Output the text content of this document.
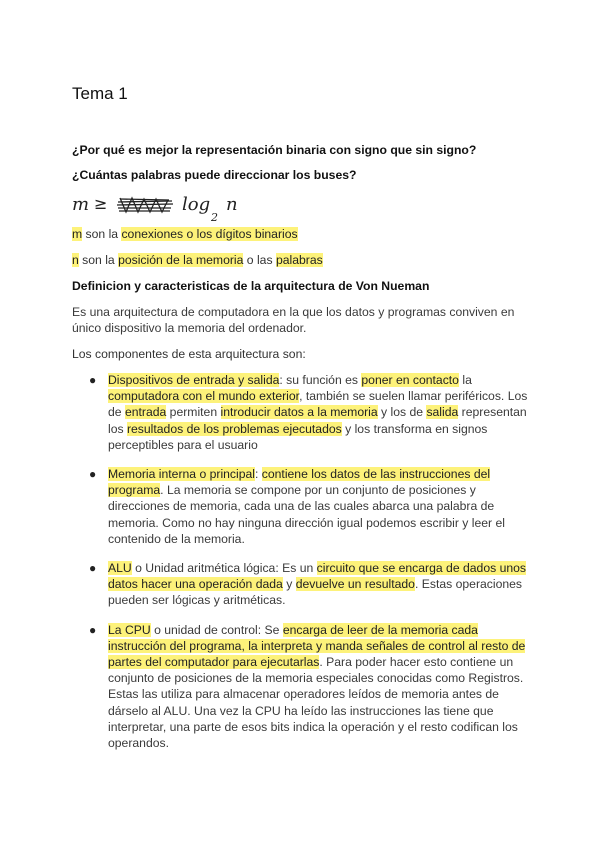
Tema 1

¿Por qué es mejor la representación binaria con signo que sin signo?

¿Cuántas palabras puede direccionar los buses?

m ≥	log
2
n

m son la conexiones o los dígitos binarios

n son la posición de la memoria o las palabras

Definicion y caracteristicas de la arquitectura de Von Nueman

Es una arquitectura de computadora en la que los datos y programas conviven en único dispositivo la memoria del ordenador.

Los componentes de esta arquitectura son:

● Dispositivos de entrada y salida: su función es poner en contacto la computadora con el mundo exterior, también se suelen llamar periféricos. Los de entrada permiten introducir datos a la memoria y los de salida representan los resultados de los problemas ejecutados y los transforma en signos perceptibles para el usuario
● Memoria interna o principal: contiene los datos de las instrucciones del programa. La memoria se compone por un conjunto de posiciones y direcciones de memoria, cada una de las cuales abarca una palabra de memoria. Como no hay ninguna dirección igual podemos escribir y leer el contenido de la memoria.
● ALU o Unidad aritmética lógica: Es un circuito que se encarga de dados unos datos hacer una operación dada y devuelve un resultado. Estas operaciones pueden ser lógicas y aritméticas.
● La CPU o unidad de control: Se encarga de leer de la memoria cada instrucción del programa, la interpreta y manda señales de control al resto de partes del computador para ejecutarlas. Para poder hacer esto contiene un conjunto de posiciones de la memoria especiales conocidas como Registros. Estas las utiliza para almacenar operadores leídos de memoria antes de dárselo al ALU. Una vez la CPU ha leído las instrucciones las tiene que interpretar, una parte de esos bits indica la operación y el resto codifican los operandos.
